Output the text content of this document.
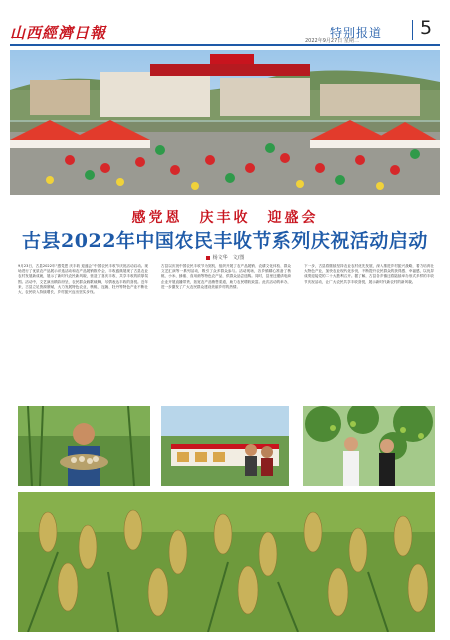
山西經濟日報	2022年9月27日 星期二
特别报道 5
感党恩　庆丰收　迎盛会
古县2022年中国农民丰收节系列庆祝活动启动
杨文华　文/图
9月23日，古县2022年“感党恩 庆丰收 迎盛会”中国农民丰收节庆祝活动启动。现场进行了优质农产品展示评选活动和农产品展销推介会，丰收盛典展现了古县农业农村发展新成就，展示了新时代农民新风貌，营造了喜庆丰收、共享丰收的浓厚氛围。活动中，文艺演出精彩纷呈，农民群众载歌载舞，尽情表达丰收的喜悦。近年来，古县立足资源禀赋，大力发展特色农业，核桃、连翘、牡丹等特色产业不断壮大，农民收入持续增长，乡村振兴迈出坚实步伐。
古县以庆祝中国农民丰收节为契机，组织开展了农产品展销、农耕文化体验、群众文艺汇演等一系列活动，吸引了众多群众参与。活动现场，各乡镇精心准备了核桃、小米、蜂蜜、食用菌等特色农产品，供群众品尝选购。同时，县里还邀请电商企业开展直播带货，拓宽农产品销售渠道，助力农民增收致富。此次活动的举办，进一步激发了广大农民群众建设美丽乡村的热情。
下一步，古县将继续坚持农业农村优先发展，深入推进乡村振兴战略，着力培育壮大特色产业，加快农业现代化步伐，不断提升农民群众的获得感、幸福感，以优异成绩迎接党的二十大胜利召开。据了解，古县各乡镇还将陆续举办形式多样的丰收节庆祝活动，让广大农民共享丰收喜悦，展示新时代新农村的新风貌。
